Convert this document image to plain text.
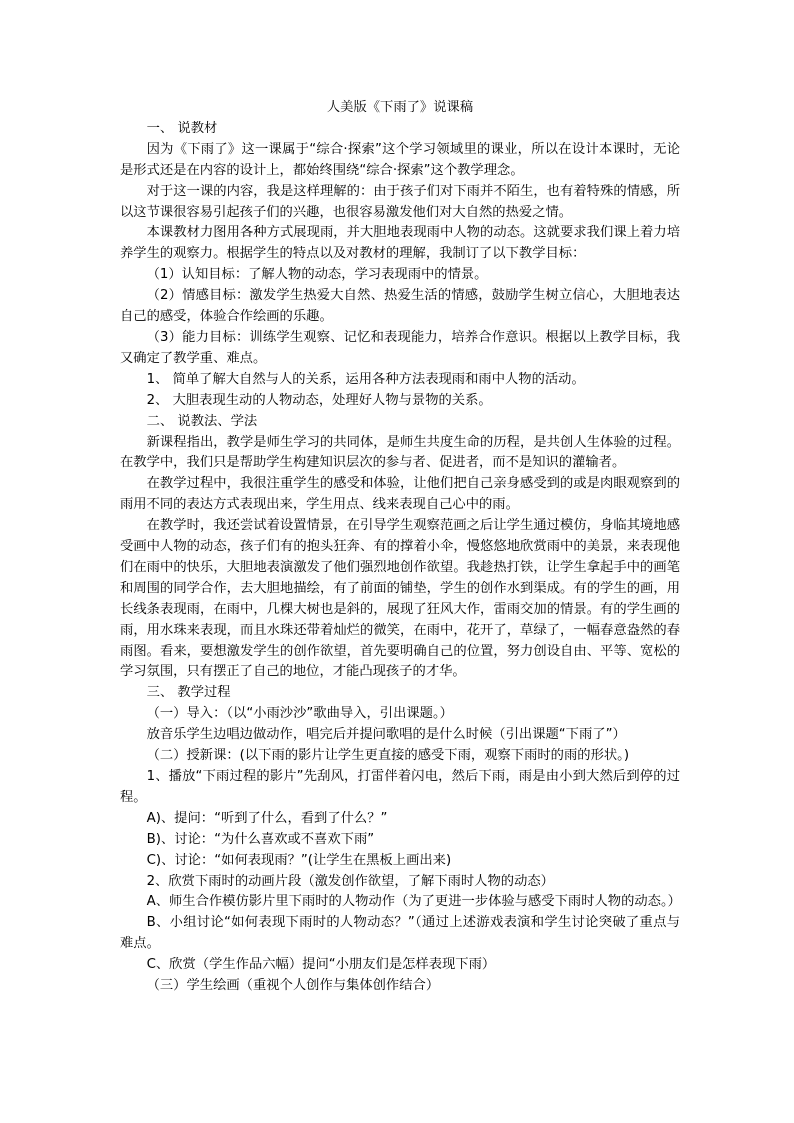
人美版《下雨了》说课稿

一、 说教材

因为《下雨了》这一课属于“综合·探索”这个学习领域里的课业，所以在设计本课时，无论是形式还是在内容的设计上，都始终围绕“综合·探索”这个教学理念。

对于这一课的内容，我是这样理解的：由于孩子们对下雨并不陌生，也有着特殊的情感，所以这节课很容易引起孩子们的兴趣，也很容易激发他们对大自然的热爱之情。

本课教材力图用各种方式展现雨，并大胆地表现雨中人物的动态。这就要求我们课上着力培养学生的观察力。根据学生的特点以及对教材的理解，我制订了以下教学目标：

（1）认知目标：了解人物的动态，学习表现雨中的情景。

（2）情感目标：激发学生热爱大自然、热爱生活的情感，鼓励学生树立信心，大胆地表达自己的感受，体验合作绘画的乐趣。

（3）能力目标：训练学生观察、记忆和表现能力，培养合作意识。根据以上教学目标，我又确定了教学重、难点。

1、 简单了解大自然与人的关系，运用各种方法表现雨和雨中人物的活动。

2、 大胆表现生动的人物动态，处理好人物与景物的关系。

二、 说教法、学法

新课程指出，教学是师生学习的共同体，是师生共度生命的历程，是共创人生体验的过程。在教学中，我们只是帮助学生构建知识层次的参与者、促进者，而不是知识的灌输者。

在教学过程中，我很注重学生的感受和体验，让他们把自己亲身感受到的或是肉眼观察到的雨用不同的表达方式表现出来，学生用点、线来表现自己心中的雨。

在教学时，我还尝试着设置情景，在引导学生观察范画之后让学生通过模仿，身临其境地感受画中人物的动态，孩子们有的抱头狂奔、有的撑着小伞，慢悠悠地欣赏雨中的美景，来表现他们在雨中的快乐，大胆地表演激发了他们强烈地创作欲望。我趁热打铁，让学生拿起手中的画笔和周围的同学合作，去大胆地描绘，有了前面的铺垫，学生的创作水到渠成。有的学生的画，用长线条表现雨，在雨中，几棵大树也是斜的，展现了狂风大作，雷雨交加的情景。有的学生画的雨，用水珠来表现，而且水珠还带着灿烂的微笑，在雨中，花开了，草绿了，一幅春意盎然的春雨图。看来，要想激发学生的创作欲望，首先要明确自己的位置，努力创设自由、平等、宽松的学习氛围，只有摆正了自己的地位，才能凸现孩子的才华。

三、 教学过程

（一）导入：（以“小雨沙沙”歌曲导入，引出课题。）

放音乐学生边唱边做动作，唱完后并提问歌唱的是什么时候（引出课题“下雨了”）

（二）授新课：(以下雨的影片让学生更直接的感受下雨，观察下雨时的雨的形状。)

1、播放“下雨过程的影片”先刮风，打雷伴着闪电，然后下雨，雨是由小到大然后到停的过程。

A)、提问：“听到了什么，看到了什么？”

B)、讨论：“为什么喜欢或不喜欢下雨”

C)、讨论：“如何表现雨？”(让学生在黑板上画出来)

2、欣赏下雨时的动画片段（激发创作欲望，了解下雨时人物的动态）

A、师生合作模仿影片里下雨时的人物动作（为了更进一步体验与感受下雨时人物的动态。）

B、小组讨论“如何表现下雨时的人物动态？”（通过上述游戏表演和学生讨论突破了重点与难点。

C、欣赏（学生作品六幅）提问“小朋友们是怎样表现下雨）

（三）学生绘画（重视个人创作与集体创作结合）
